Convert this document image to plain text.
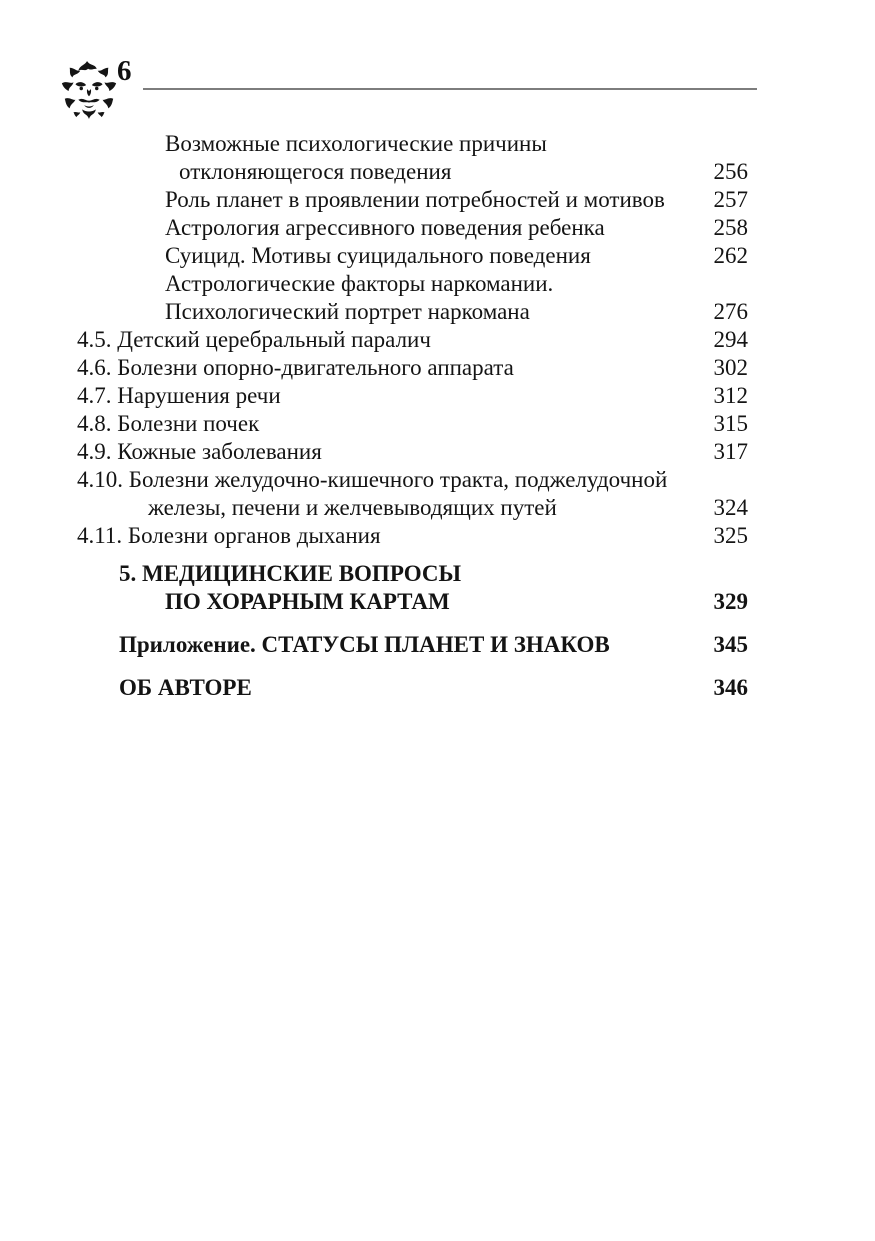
6
Возможные психологические причины
отклоняющегося поведения	256
Роль планет в проявлении потребностей и мотивов	257
Астрология агрессивного поведения ребенка	258
Суицид. Мотивы суицидального поведения	262
Астрологические факторы наркомании.
Психологический портрет наркомана	276
4.5. Детский церебральный паралич	294
4.6. Болезни опорно-двигательного аппарата	302
4.7. Нарушения речи	312
4.8. Болезни почек	315
4.9. Кожные заболевания	317
4.10. Болезни желудочно-кишечного тракта, поджелудочной
железы, печени и желчевыводящих путей	324
4.11. Болезни органов дыхания	325
5. МЕДИЦИНСКИЕ ВОПРОСЫ
ПО ХОРАРНЫМ КАРТАМ	329
Приложение. СТАТУСЫ ПЛАНЕТ И ЗНАКОВ	345
ОБ АВТОРЕ	346
